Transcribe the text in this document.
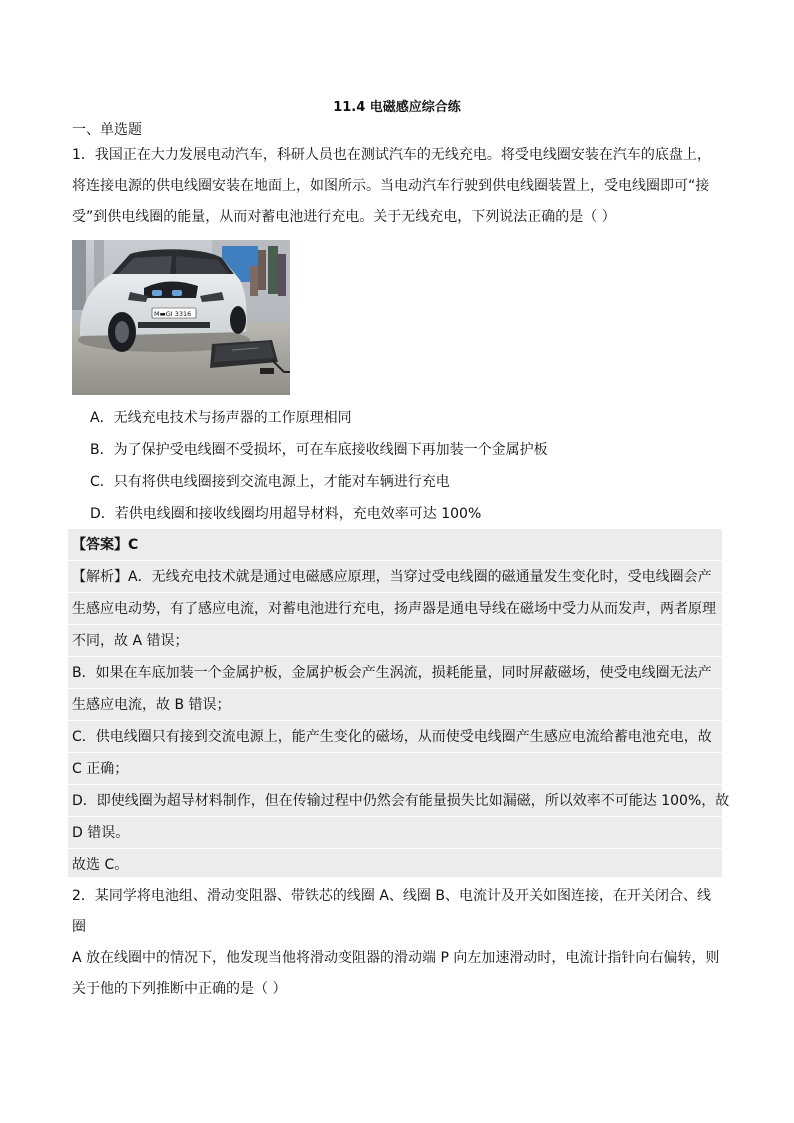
11.4 电磁感应综合练
一、单选题
1．我国正在大力发展电动汽车，科研人员也在测试汽车的无线充电。将受电线圈安装在汽车的底盘上，
将连接电源的供电线圈安装在地面上，如图所示。当电动汽车行驶到供电线圈装置上，受电线圈即可“接
受”到供电线圈的能量，从而对蓄电池进行充电。关于无线充电，下列说法正确的是（ ）
M▬GI 3316
A．无线充电技术与扬声器的工作原理相同
B．为了保护受电线圈不受损坏，可在车底接收线圈下再加装一个金属护板
C．只有将供电线圈接到交流电源上，才能对车辆进行充电
D．若供电线圈和接收线圈均用超导材料，充电效率可达 100%
【答案】C
【解析】A．无线充电技术就是通过电磁感应原理，当穿过受电线圈的磁通量发生变化时，受电线圈会产
生感应电动势，有了感应电流，对蓄电池进行充电，扬声器是通电导线在磁场中受力从而发声，两者原理
不同，故 A 错误；
B．如果在车底加装一个金属护板，金属护板会产生涡流，损耗能量，同时屏蔽磁场，使受电线圈无法产
生感应电流，故 B 错误；
C．供电线圈只有接到交流电源上，能产生变化的磁场，从而使受电线圈产生感应电流给蓄电池充电，故
C 正确；
D．即使线圈为超导材料制作，但在传输过程中仍然会有能量损失比如漏磁，所以效率不可能达 100%，故
D 错误。
故选 C。
2．某同学将电池组、滑动变阻器、带铁芯的线圈 A、线圈 B、电流计及开关如图连接，在开关闭合、线圈
A 放在线圈中的情况下，他发现当他将滑动变阻器的滑动端 P 向左加速滑动时，电流计指针向右偏转，则
关于他的下列推断中正确的是（ ）
